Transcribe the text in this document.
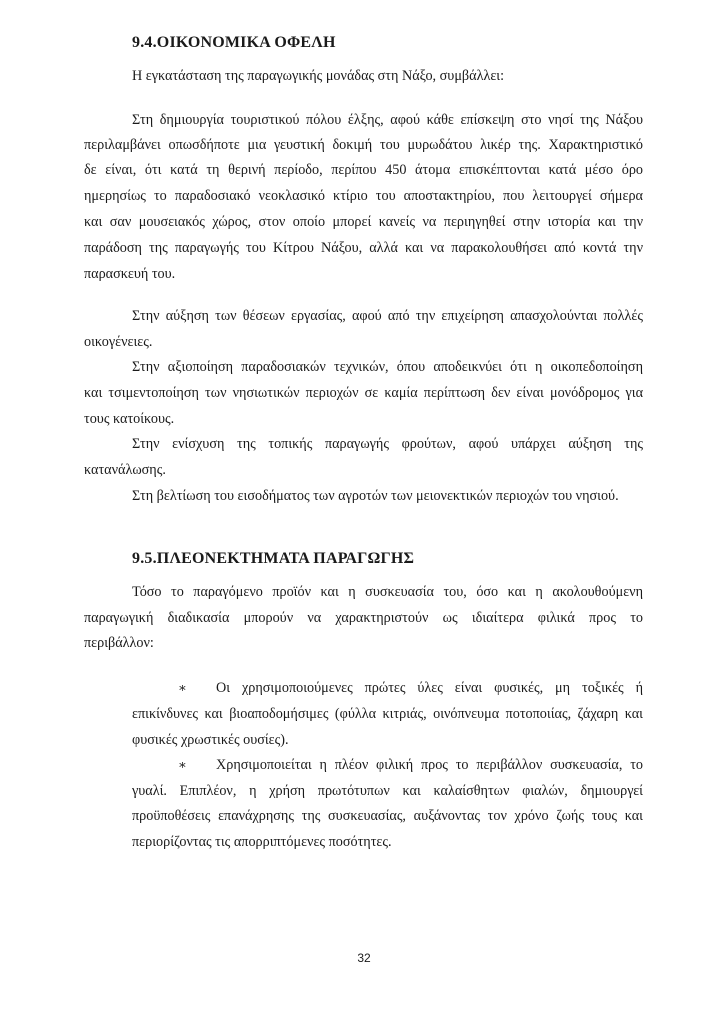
9.4.ΟΙΚΟΝΟΜΙΚΑ ΟΦΕΛΗ
Η εγκατάσταση της παραγωγικής μονάδας στη Νάξο, συμβάλλει:
Στη δημιουργία τουριστικού πόλου έλξης, αφού κάθε επίσκεψη στο νησί της Νάξου
περιλαμβάνει οπωσδήποτε μια γευστική δοκιμή του μυρωδάτου λικέρ της. Χαρακτηριστικό
δε είναι, ότι κατά τη θερινή περίοδο, περίπου 450 άτομα επισκέπτονται κατά μέσο όρο
ημερησίως το παραδοσιακό νεοκλασικό κτίριο του αποστακτηρίου, που λειτουργεί σήμερα
και σαν μουσειακός χώρος, στον οποίο μπορεί κανείς να περιηγηθεί στην ιστορία και την
παράδοση της παραγωγής του Κίτρου Νάξου, αλλά και να παρακολουθήσει από κοντά την
παρασκευή του.
Στην αύξηση των θέσεων εργασίας, αφού από την επιχείρηση απασχολούνται πολλές
οικογένειες.
Στην αξιοποίηση παραδοσιακών τεχνικών, όπου αποδεικνύει ότι η οικοπεδοποίηση
και τσιμεντοποίηση των νησιωτικών περιοχών σε καμία περίπτωση δεν είναι μονόδρομος για
τους κατοίκους.
Στην ενίσχυση της τοπικής παραγωγής φρούτων, αφού υπάρχει αύξηση της
κατανάλωσης.
Στη βελτίωση του εισοδήματος των αγροτών των μειονεκτικών περιοχών του νησιού.
9.5.ΠΛΕΟΝΕΚΤΗΜΑΤΑ ΠΑΡΑΓΩΓΗΣ
Τόσο το παραγόμενο προϊόν και η συσκευασία του, όσο και η ακολουθούμενη
παραγωγική διαδικασία μπορούν να χαρακτηριστούν ως ιδιαίτερα φιλικά προς το
περιβάλλον:
∗ Οι χρησιμοποιούμενες πρώτες ύλες είναι φυσικές, μη τοξικές ή
επικίνδυνες και βιοαποδομήσιμες (φύλλα κιτριάς, οινόπνευμα ποτοποιίας, ζάχαρη και
φυσικές χρωστικές ουσίες).
∗ Χρησιμοποιείται η πλέον φιλική προς το περιβάλλον συσκευασία, το
γυαλί. Επιπλέον, η χρήση πρωτότυπων και καλαίσθητων φιαλών, δημιουργεί
προϋποθέσεις επανάχρησης της συσκευασίας, αυξάνοντας τον χρόνο ζωής τους και
περιορίζοντας τις απορριπτόμενες ποσότητες.
32
